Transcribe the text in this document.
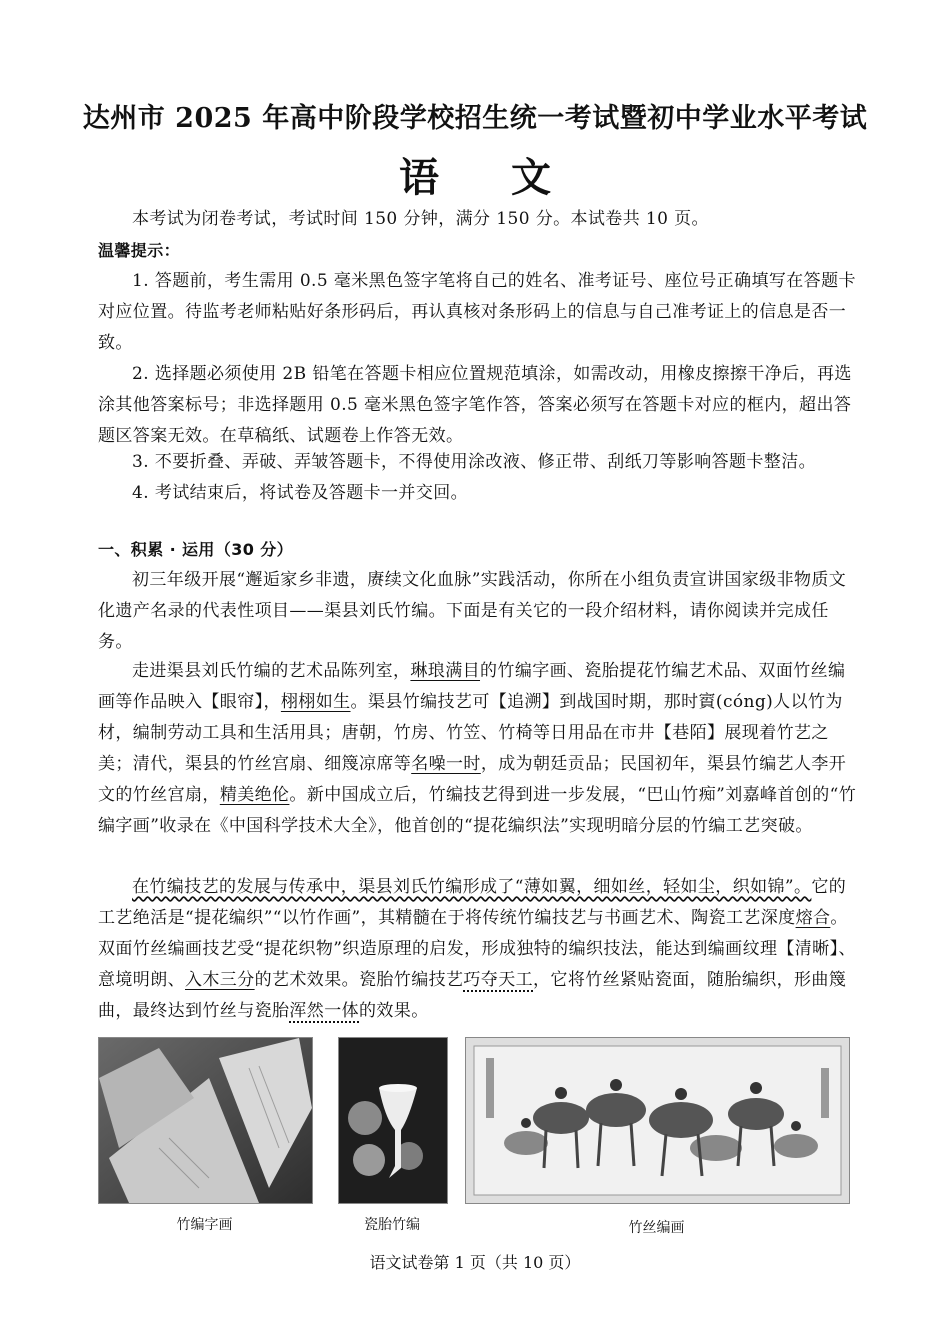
达州市 2025 年高中阶段学校招生统一考试暨初中学业水平考试
语文
本考试为闭卷考试，考试时间 150 分钟，满分 150 分。本试卷共 10 页。
温馨提示：
1. 答题前，考生需用 0.5 毫米黑色签字笔将自己的姓名、准考证号、座位号正确填写在答题卡对应位置。待监考老师粘贴好条形码后，再认真核对条形码上的信息与自己准考证上的信息是否一致。
2. 选择题必须使用 2B 铅笔在答题卡相应位置规范填涂，如需改动，用橡皮擦擦干净后，再选涂其他答案标号；非选择题用 0.5 毫米黑色签字笔作答，答案必须写在答题卡对应的框内，超出答题区答案无效。在草稿纸、试题卷上作答无效。
3. 不要折叠、弄破、弄皱答题卡，不得使用涂改液、修正带、刮纸刀等影响答题卡整洁。
4. 考试结束后，将试卷及答题卡一并交回。
一、积累 · 运用（30 分）
初三年级开展“邂逅家乡非遗，赓续文化血脉”实践活动，你所在小组负责宣讲国家级非物质文化遗产名录的代表性项目——渠县刘氏竹编。下面是有关它的一段介绍材料，请你阅读并完成任务。
走进渠县刘氏竹编的艺术品陈列室，琳琅满目的竹编字画、瓷胎提花竹编艺术品、双面竹丝编画等作品映入【眼帘】，栩栩如生。渠县竹编技艺可【追溯】到战国时期，那时賨(cóng)人以竹为材，编制劳动工具和生活用具；唐朝，竹房、竹笠、竹椅等日用品在市井【巷陌】展现着竹艺之美；清代，渠县的竹丝宫扇、细篾凉席等名噪一时，成为朝廷贡品；民国初年，渠县竹编艺人李开文的竹丝宫扇，精美绝伦。新中国成立后，竹编技艺得到进一步发展，“巴山竹痴”刘嘉峰首创的“竹编字画”收录在《中国科学技术大全》，他首创的“提花编织法”实现明暗分层的竹编工艺突破。
在竹编技艺的发展与传承中，渠县刘氏竹编形成了“薄如翼，细如丝，轻如尘，织如锦”。它的工艺绝活是“提花编织”“以竹作画”，其精髓在于将传统竹编技艺与书画艺术、陶瓷工艺深度熔合。双面竹丝编画技艺受“提花织物”织造原理的启发，形成独特的编织技法，能达到编画纹理【清晰】、意境明朗、入木三分的艺术效果。瓷胎竹编技艺巧夺天工，它将竹丝紧贴瓷面，随胎编织，形曲篾曲，最终达到竹丝与瓷胎浑然一体的效果。
竹编字画	瓷胎竹编	竹丝编画
语文试卷第 1 页（共 10 页）
